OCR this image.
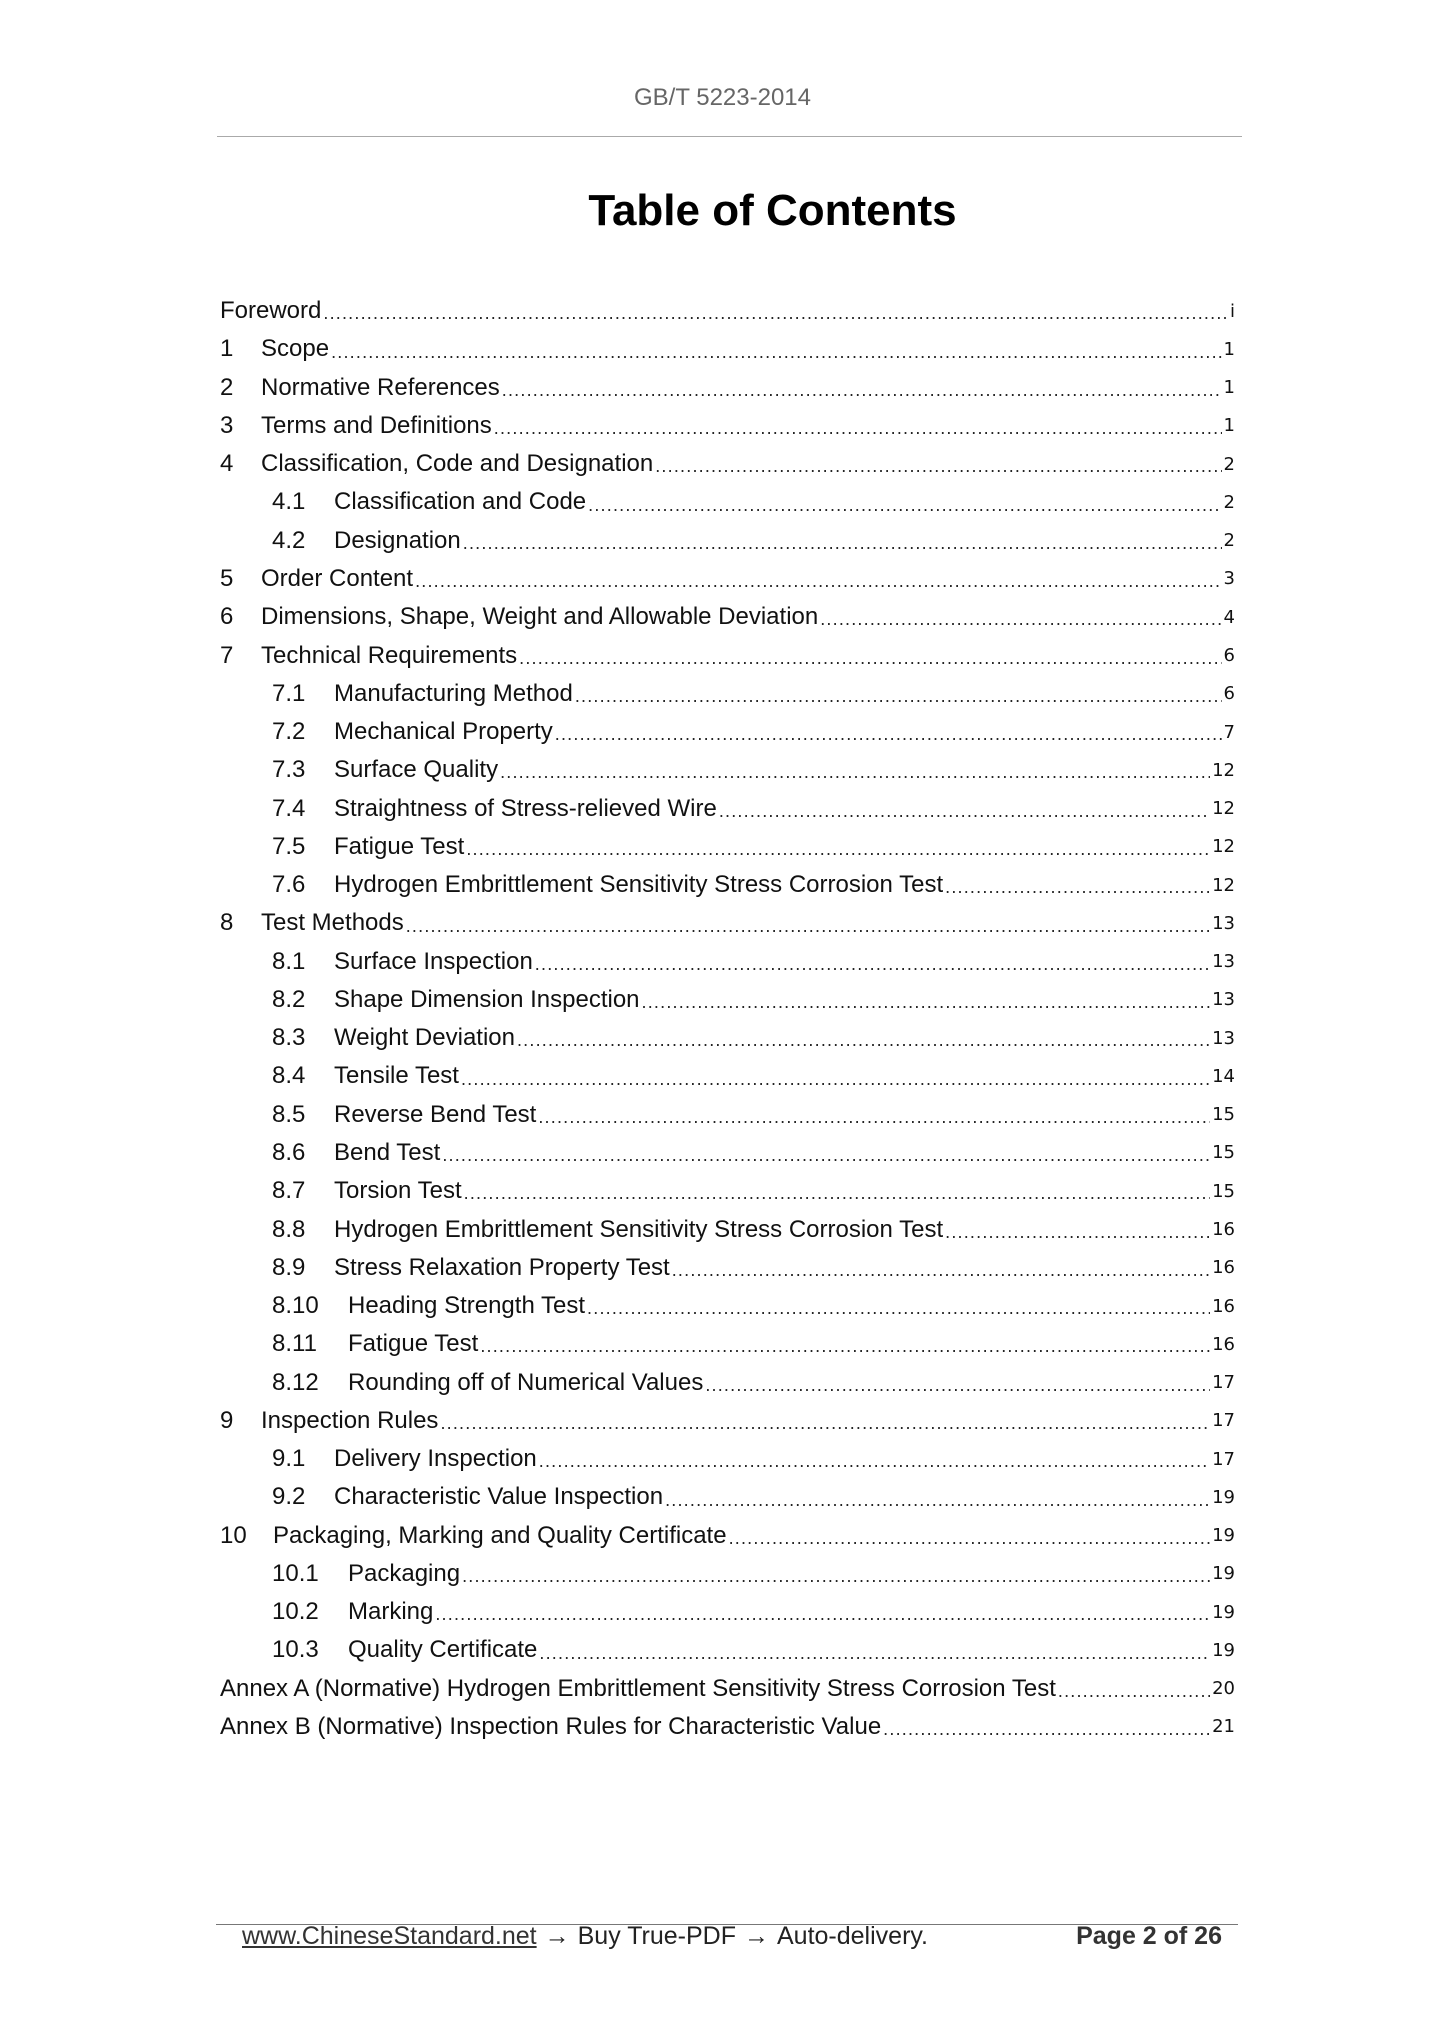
GB/T 5223-2014
Table of Contents
Foreword .....	i
1	Scope .....	1
2	Normative References .....	1
3	Terms and Definitions .....	1
4	Classification, Code and Designation .....	2
4.1	Classification and Code .....	2
4.2	Designation .....	2
5	Order Content .....	3
6	Dimensions, Shape, Weight and Allowable Deviation .....	4
7	Technical Requirements .....	6
7.1	Manufacturing Method .....	6
7.2	Mechanical Property .....	7
7.3	Surface Quality .....	12
7.4	Straightness of Stress-relieved Wire .....	12
7.5	Fatigue Test .....	12
7.6	Hydrogen Embrittlement Sensitivity Stress Corrosion Test .....	12
8	Test Methods .....	13
8.1	Surface Inspection .....	13
8.2	Shape Dimension Inspection .....	13
8.3	Weight Deviation .....	13
8.4	Tensile Test .....	14
8.5	Reverse Bend Test .....	15
8.6	Bend Test .....	15
8.7	Torsion Test .....	15
8.8	Hydrogen Embrittlement Sensitivity Stress Corrosion Test .....	16
8.9	Stress Relaxation Property Test .....	16
8.10	Heading Strength Test .....	16
8.11	Fatigue Test .....	16
8.12	Rounding off of Numerical Values .....	17
9	Inspection Rules .....	17
9.1	Delivery Inspection .....	17
9.2	Characteristic Value Inspection .....	19
10	Packaging, Marking and Quality Certificate .....	19
10.1	Packaging .....	19
10.2	Marking .....	19
10.3	Quality Certificate .....	19
Annex A (Normative) Hydrogen Embrittlement Sensitivity Stress Corrosion Test .....	20
Annex B (Normative) Inspection Rules for Characteristic Value .....	21
www.ChineseStandard.net → Buy True-PDF → Auto-delivery.	Page 2 of 26
